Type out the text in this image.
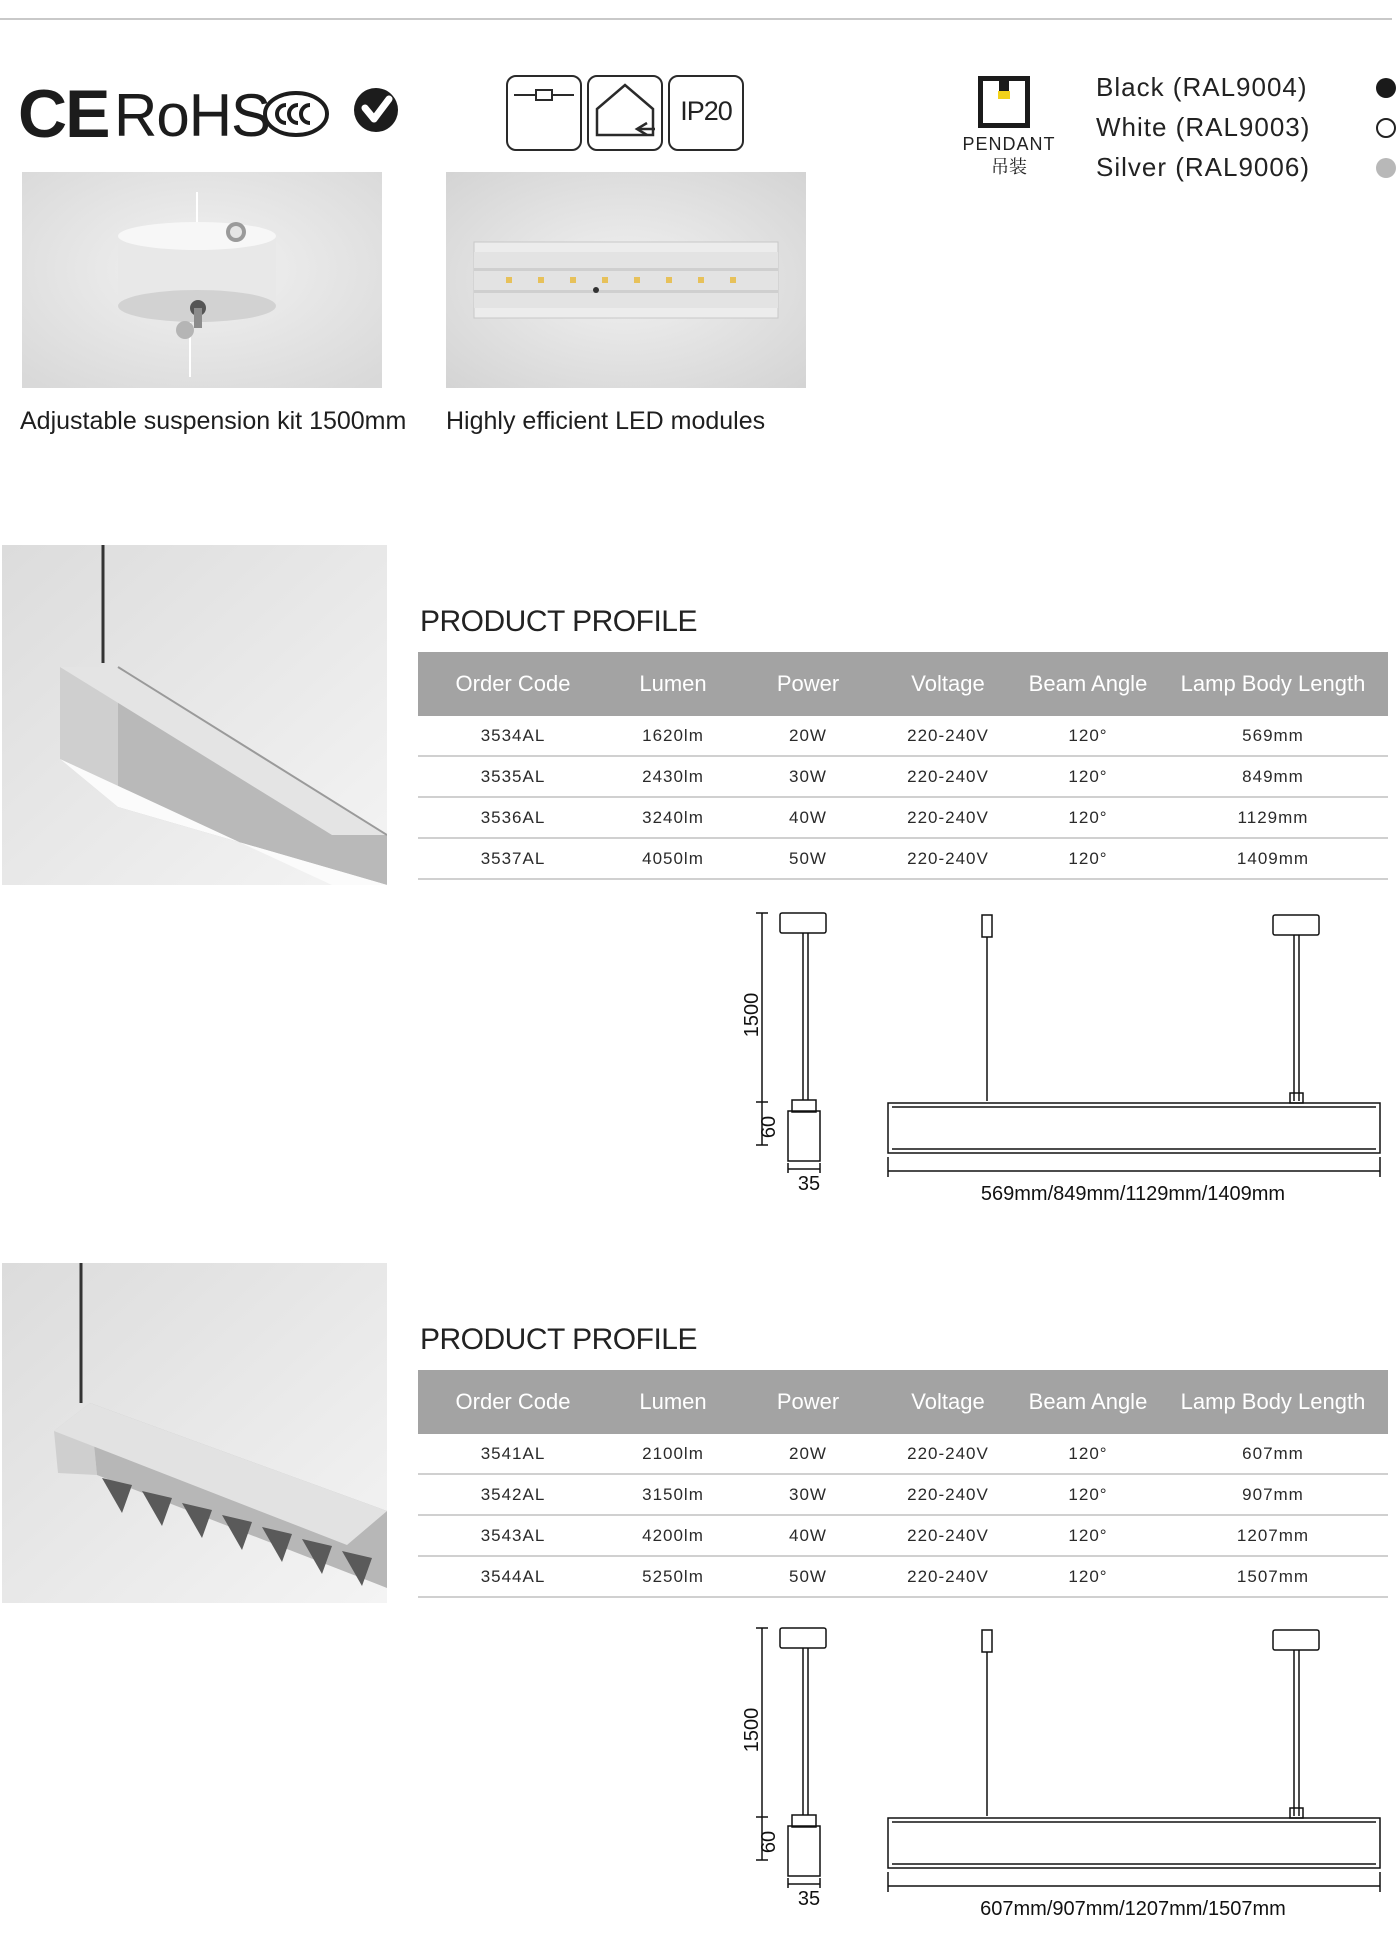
CE RoHS	IP20
PENDANT
吊装
Black (RAL9004)
White (RAL9003)
Silver (RAL9006)
Adjustable suspension kit 1500mm Highly efficient LED modules
PRODUCT PROFILE
Order Code	Lumen	Power	Voltage	Beam Angle	Lamp Body Length
3534AL	1620lm	20W	220-240V	120°	569mm
3535AL	2430lm	30W	220-240V	120°	849mm
3536AL	3240lm	40W	220-240V	120°	1129mm
3537AL	4050lm	50W	220-240V	120°	1409mm
1500
60
35	569mm/849mm/1129mm/1409mm
PRODUCT PROFILE
Order Code	Lumen	Power	Voltage	Beam Angle	Lamp Body Length
3541AL	2100lm	20W	220-240V	120°	607mm
3542AL	3150lm	30W	220-240V	120°	907mm
3543AL	4200lm	40W	220-240V	120°	1207mm
3544AL	5250lm	50W	220-240V	120°	1507mm
1500
60
35	607mm/907mm/1207mm/1507mm
